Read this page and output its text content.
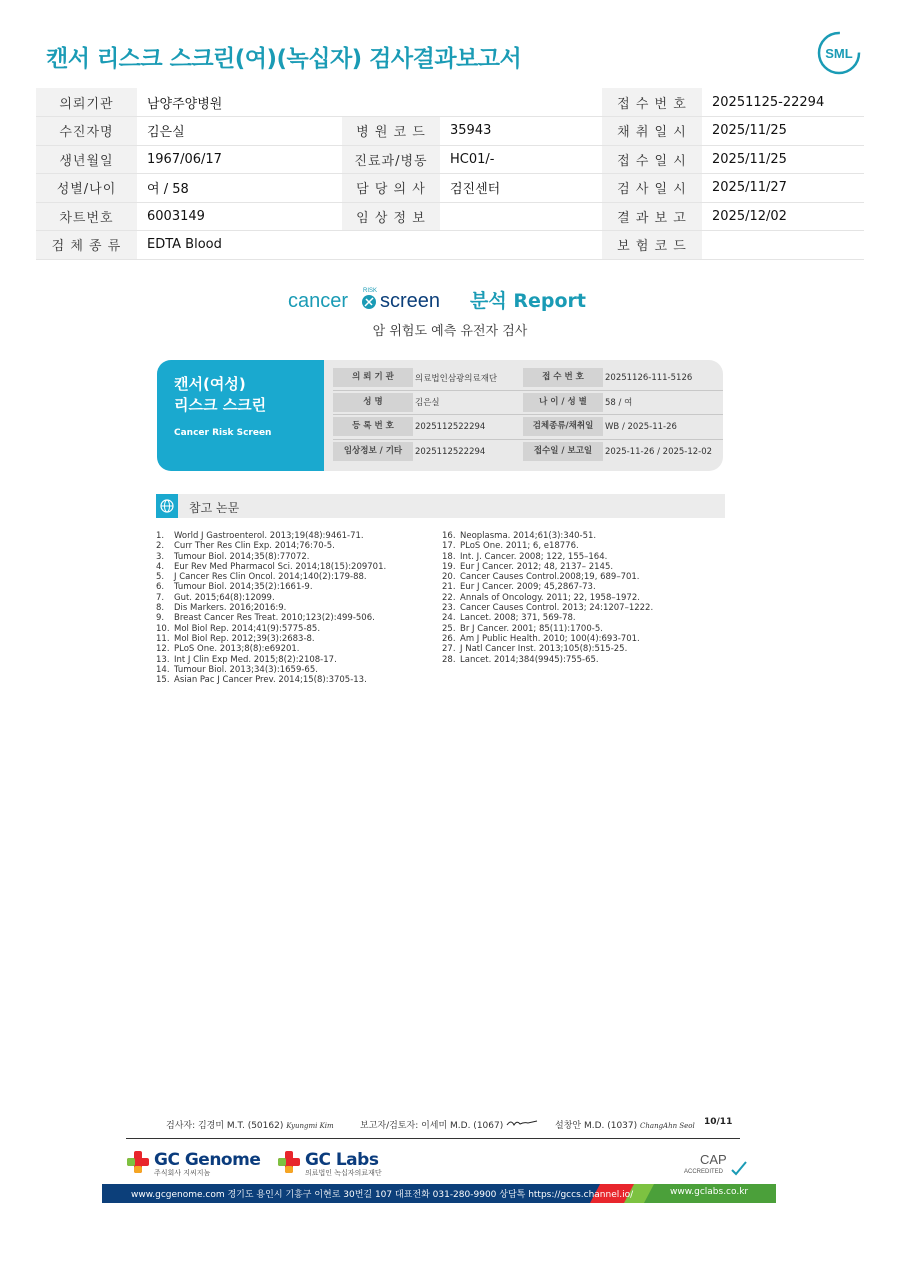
캔서 리스크 스크린(여)(녹십자) 검사결과보고서	SML
의뢰기관	남양주양병원			접 수 번 호	20251125-22294
수진자명	김은실	병 원 코 드	35943	채 취 일 시	2025/11/25
생년월일	1967/06/17	진료과/병동	HC01/-	접 수 일 시	2025/11/25
성별/나이	여 / 58	담 당 의 사	검진센터	검 사 일 시	2025/11/27
차트번호	6003149	임 상 정 보		결 과 보 고	2025/12/02
검 체 종 류	EDTA Blood			보 험 코 드	
cancer RISK screen 분석 Report
암 위험도 예측 유전자 검사
캔서(여성)
리스크 스크린
Cancer Risk Screen
의 뢰 기 관	의료법인삼광의료재단	접 수 번 호	20251126-111-5126
성 명	김은실	나 이 / 성 별	58 / 여
등 록 번 호	2025112522294	검체종류/채취일	WB / 2025-11-26
임상정보 / 기타	2025112522294	접수일 / 보고일	2025-11-26 / 2025-12-02
참고 논문
1. World J Gastroenterol. 2013;19(48):9461-71.
2. Curr Ther Res Clin Exp. 2014;76:70-5.
3. Tumour Biol. 2014;35(8):77072.
4. Eur Rev Med Pharmacol Sci. 2014;18(15):209701.
5. J Cancer Res Clin Oncol. 2014;140(2):179-88.
6. Tumour Biol. 2014;35(2):1661-9.
7. Gut. 2015;64(8):12099.
8. Dis Markers. 2016;2016:9.
9. Breast Cancer Res Treat. 2010;123(2):499-506.
10. Mol Biol Rep. 2014;41(9):5775-85.
11. Mol Biol Rep. 2012;39(3):2683-8.
12. PLoS One. 2013;8(8):e69201.
13. Int J Clin Exp Med. 2015;8(2):2108-17.
14. Tumour Biol. 2013;34(3):1659-65.
15. Asian Pac J Cancer Prev. 2014;15(8):3705-13.
16. Neoplasma. 2014;61(3):340-51.
17. PLoS One. 2011; 6, e18776.
18. Int. J. Cancer. 2008; 122, 155–164.
19. Eur J Cancer. 2012; 48, 2137– 2145.
20. Cancer Causes Control.2008;19, 689–701.
21. Eur J Cancer. 2009; 45,2867-73.
22. Annals of Oncology. 2011; 22, 1958–1972.
23. Cancer Causes Control. 2013; 24:1207–1222.
24. Lancet. 2008; 371, 569-78.
25. Br J Cancer. 2001; 85(11):1700-5.
26. Am J Public Health. 2010; 100(4):693-701.
27. J Natl Cancer Inst. 2013;105(8):515-25.
28. Lancet. 2014;384(9945):755-65.
검사자: 김경미 M.T. (50162) Kyungmi Kim	보고자/검토자: 이세미 M.D. (1067)	설창안 M.D. (1037) ChangAhn Seol 10/11
GC Genome
주식회사 지씨지놈
GC Labs
의료법인 녹십자의료재단
CAP
ACCREDITED
www.gcgenome.com 경기도 용인시 기흥구 이현로 30번길 107 대표전화 031-280-9900 상담톡 https://gccs.channel.io/	www.gclabs.co.kr
